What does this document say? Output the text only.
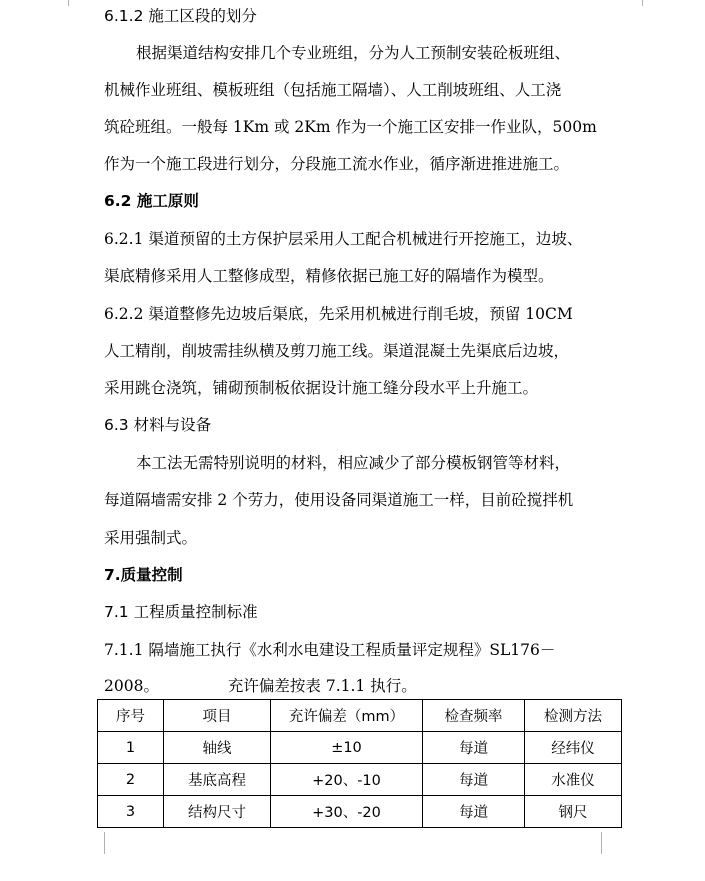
6.1.2 施工区段的划分
根据渠道结构安排几个专业班组，分为人工预制安装砼板班组、
机械作业班组、模板班组（包括施工隔墙）、人工削坡班组、人工浇
筑砼班组。一般每 1Km 或 2Km 作为一个施工区安排一作业队，500m
作为一个施工段进行划分，分段施工流水作业，循序渐进推进施工。
6.2 施工原则
6.2.1 渠道预留的土方保护层采用人工配合机械进行开挖施工，边坡、
渠底精修采用人工整修成型，精修依据已施工好的隔墙作为模型。
6.2.2 渠道整修先边坡后渠底，先采用机械进行削毛坡，预留 10CM
人工精削，削坡需挂纵横及剪刀施工线。渠道混凝土先渠底后边坡，
采用跳仓浇筑，铺砌预制板依据设计施工缝分段水平上升施工。
6.3 材料与设备
本工法无需特别说明的材料，相应减少了部分模板钢管等材料，
每道隔墙需安排 2 个劳力，使用设备同渠道施工一样，目前砼搅拌机
采用强制式。
7.质量控制
7.1 工程质量控制标准
7.1.1 隔墙施工执行《水利水电建设工程质量评定规程》SL176－
2008。              充许偏差按表 7.1.1 执行。
序号	项目	充许偏差（mm）	检查频率	检测方法
1	轴线	±10	每道	经纬仪
2	基底高程	+20、-10	每道	水准仪
3	结构尺寸	+30、-20	每道	钢尺
